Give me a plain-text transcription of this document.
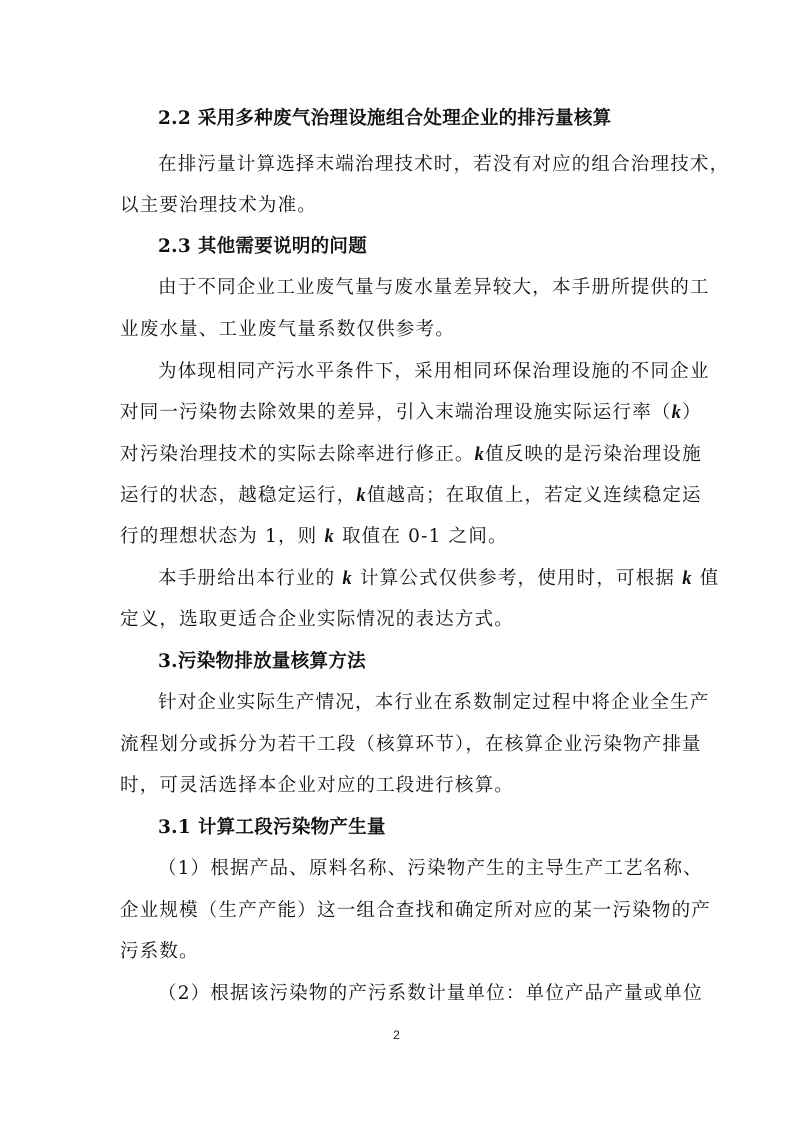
2.2 采用多种废气治理设施组合处理企业的排污量核算
在排污量计算选择末端治理技术时，若没有对应的组合治理技术，
以主要治理技术为准。
2.3 其他需要说明的问题
由于不同企业工业废气量与废水量差异较大，本手册所提供的工
业废水量、工业废气量系数仅供参考。
为体现相同产污水平条件下，采用相同环保治理设施的不同企业
对同一污染物去除效果的差异，引入末端治理设施实际运行率（k）
对污染治理技术的实际去除率进行修正。k值反映的是污染治理设施
运行的状态，越稳定运行，k值越高；在取值上，若定义连续稳定运
行的理想状态为 1，则 k 取值在 0-1 之间。
本手册给出本行业的 k 计算公式仅供参考，使用时，可根据 k 值
定义，选取更适合企业实际情况的表达方式。
3.污染物排放量核算方法
针对企业实际生产情况，本行业在系数制定过程中将企业全生产
流程划分或拆分为若干工段（核算环节），在核算企业污染物产排量
时，可灵活选择本企业对应的工段进行核算。
3.1 计算工段污染物产生量
（1）根据产品、原料名称、污染物产生的主导生产工艺名称、
企业规模（生产产能）这一组合查找和确定所对应的某一污染物的产
污系数。
（2）根据该污染物的产污系数计量单位：单位产品产量或单位
2
